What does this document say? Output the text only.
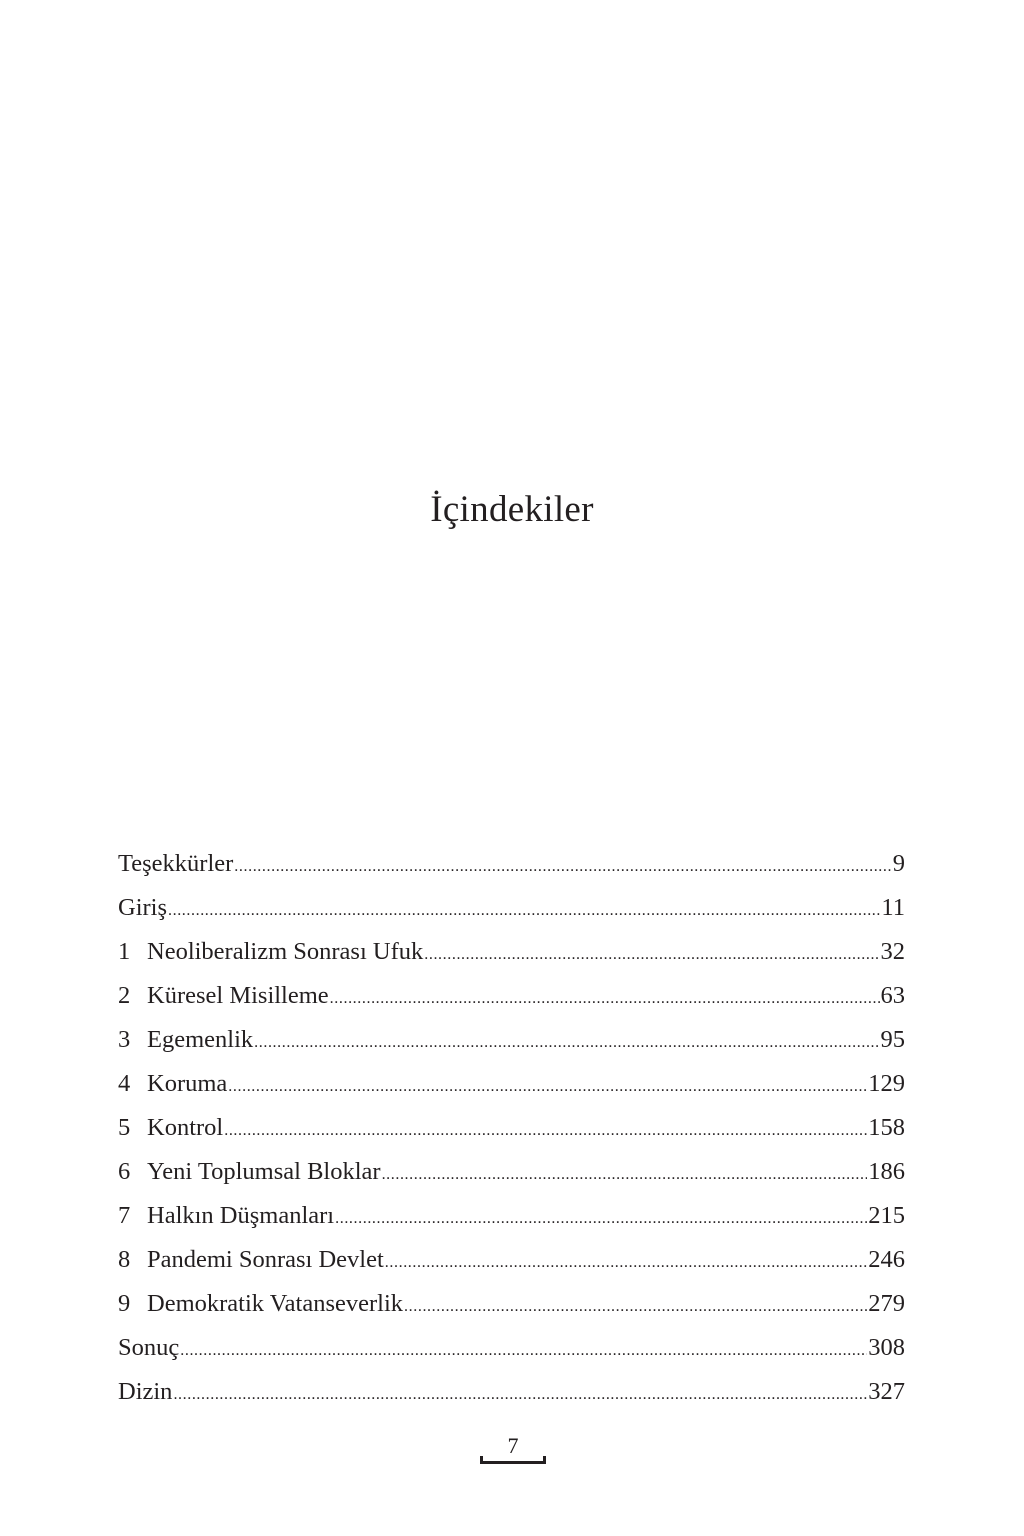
İçindekiler
Teşekkürler .....	9
Giriş .....	11
1 Neoliberalizm Sonrası Ufuk .....	32
2 Küresel Misilleme .....	63
3 Egemenlik .....	95
4 Koruma .....	129
5 Kontrol .....	158
6 Yeni Toplumsal Bloklar .....	186
7 Halkın Düşmanları .....	215
8 Pandemi Sonrası Devlet .....	246
9 Demokratik Vatanseverlik .....	279
Sonuç .....	308
Dizin .....	327
7
